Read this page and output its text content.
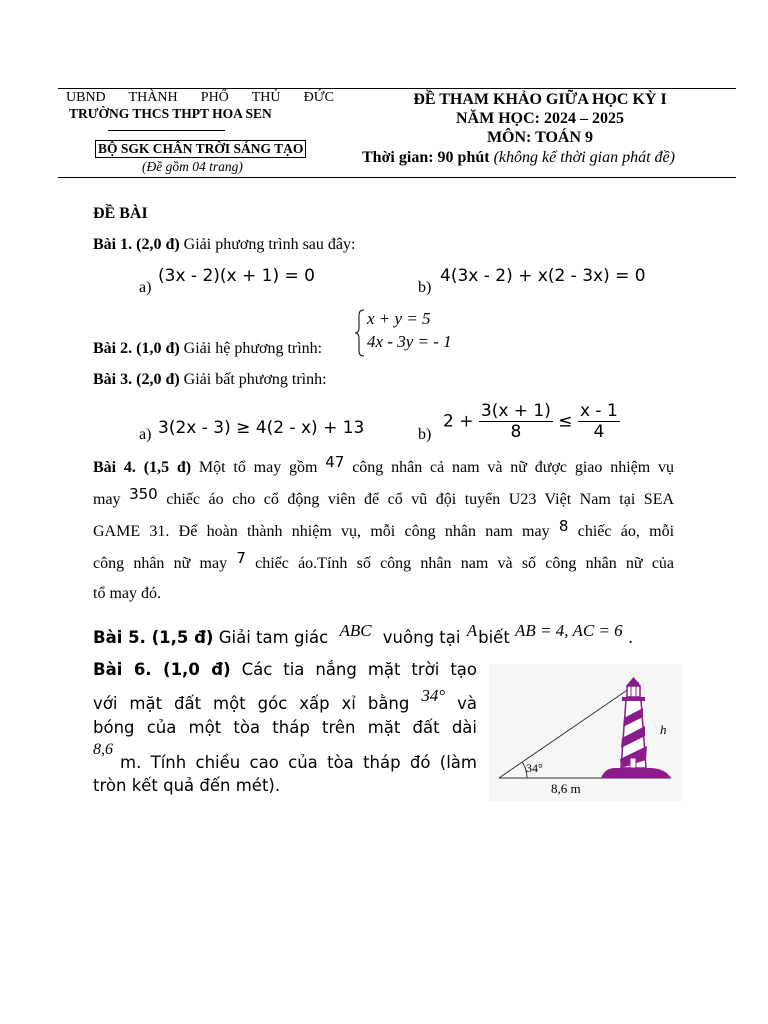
UBND THÀNH PHỐ THỦ ĐỨC
TRƯỜNG THCS THPT HOA SEN
BỘ SGK CHÂN TRỜI SÁNG TẠO
(Đề gồm 04 trang)
ĐỀ THAM KHẢO GIỮA HỌC KỲ I
NĂM HỌC: 2024 – 2025
MÔN: TOÁN 9
Thời gian: 90 phút (không kể thời gian phát đề)
ĐỀ BÀI
Bài 1. (2,0 đ) Giải phương trình sau đây:
a)
(3x - 2)(x + 1) = 0
b)
4(3x - 2) + x(2 - 3x) = 0
Bài 2. (1,0 đ) Giải hệ phương trình:
x + y = 5
4x - 3y = - 1
Bài 3. (2,0 đ) Giải bất phương trình:
a) 3(2x - 3) ≥ 4(2 - x) + 13	b)
$2 + \frac{3(x + 1)}{8} \le \frac{x - 1}{4}$
Bài 4. (1,5 đ) Một tổ may gồm 47 công nhân cả nam và nữ được giao nhiệm vụ
may 350 chiếc áo cho cổ động viên để cổ vũ đội tuyển U23 Việt Nam tại SEA
GAME 31. Để hoàn thành nhiệm vụ, mỗi công nhân nam may 8 chiếc áo, mỗi
công nhân nữ may 7 chiếc áo.Tính số công nhân nam và số công nhân nữ của
tổ may đó.
Bài 5. (1,5 đ) Giải tam giác ABC vuông tại Abiết AB = 4, AC = 6 .
Bài 6. (1,0 đ) Các tia nắng mặt trời tạo
với mặt đất một góc xấp xỉ bằng 34° và
bóng của một tòa tháp trên mặt đất dài
8,6
m. Tính chiều cao của tòa tháp đó (làm
tròn kết quả đến mét).
34°
8,6 m
h
